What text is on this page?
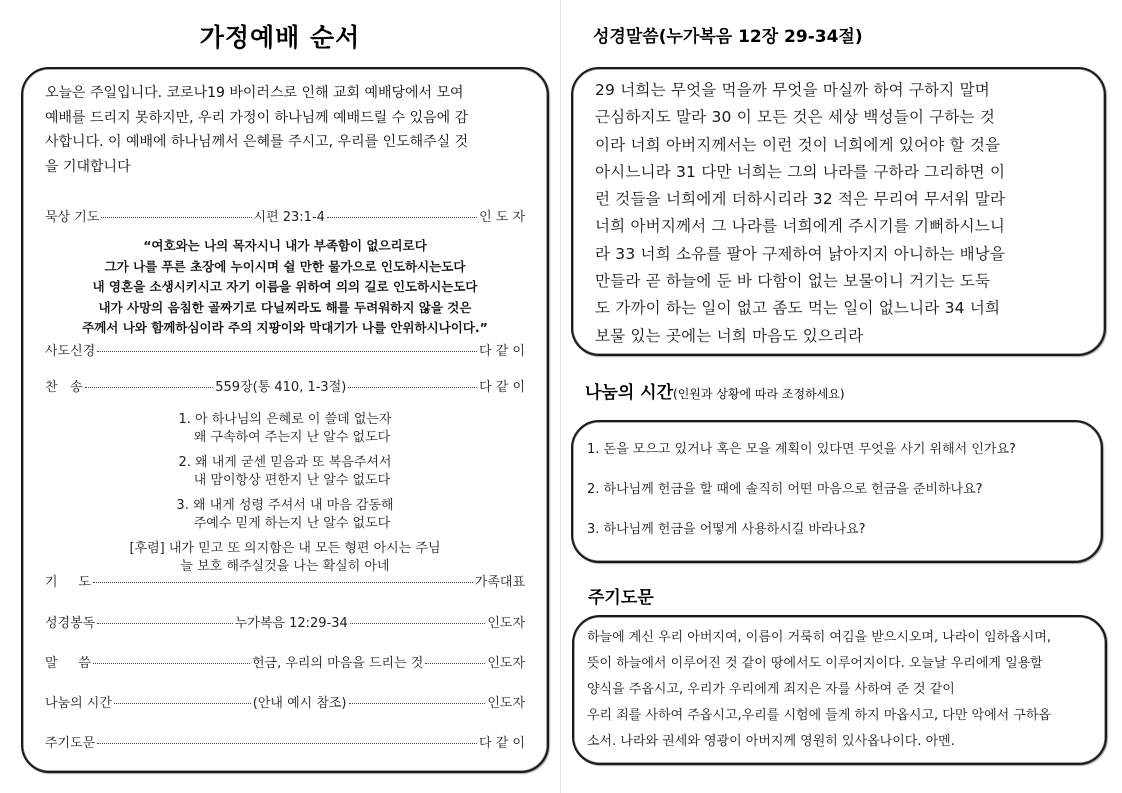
가정예배 순서
오늘은 주일입니다. 코로나19 바이러스로 인해 교회 예배당에서 모여
예배를 드리지 못하지만, 우리 가정이 하나님께 예배드릴 수 있음에 감
사합니다. 이 예배에 하나님께서 은혜를 주시고, 우리를 인도해주실 것
을 기대합니다
묵상 기도	시편 23:1-4	인 도 자
“여호와는 나의 목자시니 내가 부족함이 없으리로다
그가 나를 푸른 초장에 누이시며 쉴 만한 물가으로 인도하시는도다
내 영혼을 소생시키시고 자기 이름을 위하여 의의 길로 인도하시는도다
내가 사망의 음침한 골짜기로 다닐찌라도 해를 두려워하지 않을 것은
주께서 나와 함께하심이라 주의 지팡이와 막대기가 나를 안위하시나이다.”
사도신경	다 같 이
찬   송	559장(통 410, 1-3절)	다 같 이
1. 아 하나님의 은혜로 이 쓸데 없는자
왜 구속하여 주는지 난 알수 없도다
2. 왜 내게 굳센 믿음과 또 복음주셔서
내 맘이항상 편한지 난 알수 없도다
3. 왜 내게 성령 주셔서 내 마음 감동해
주예수 믿게 하는지 난 알수 없도다
[후렴] 내가 믿고 또 의지함은 내 모든 형편 아시는 주님
늘 보호 해주실것을 나는 확실히 아네
기     도	가족대표
성경봉독	누가복음 12:29-34	인도자
말     씀	헌금, 우리의 마음을 드리는 것	인도자
나눔의 시간	(안내 예시 참조)	인도자
주기도문	다 같 이
성경말씀(누가복음 12장 29-34절)
29 너희는 무엇을 먹을까 무엇을 마실까 하여 구하지 말며
근심하지도 말라 30 이 모든 것은 세상 백성들이 구하는 것
이라 너희 아버지께서는 이런 것이 너희에게 있어야 할 것을
아시느니라 31 다만 너희는 그의 나라를 구하라 그리하면 이
런 것들을 너희에게 더하시리라 32 적은 무리여 무서워 말라
너희 아버지께서 그 나라를 너희에게 주시기를 기뻐하시느니
라 33 너희 소유를 팔아 구제하여 낡아지지 아니하는 배낭을
만들라 곧 하늘에 둔 바 다함이 없는 보물이니 거기는 도둑
도 가까이 하는 일이 없고 좀도 먹는 일이 없느니라 34 너희
보물 있는 곳에는 너희 마음도 있으리라
나눔의 시간(인원과 상황에 따라 조정하세요)
1. 돈을 모으고 있거나 혹은 모을 계획이 있다면 무엇을 사기 위해서 인가요?
2. 하나님께 헌금을 할 때에 솔직히 어떤 마음으로 헌금을 준비하나요?
3. 하나님께 헌금을 어떻게 사용하시길 바라나요?
주기도문
하늘에 계신 우리 아버지여, 이름이 거룩히 여김을 받으시오며, 나라이 임하옵시며,
뜻이 하늘에서 이루어진 것 같이 땅에서도 이루어지이다. 오늘날 우리에게 일용할
양식을 주옵시고, 우리가 우리에게 죄지은 자를 사하여 준 것 같이
우리 죄를 사하여 주옵시고,우리를 시험에 들게 하지 마옵시고, 다만 악에서 구하옵
소서. 나라와 권세와 영광이 아버지께 영원히 있사옵나이다. 아멘.
